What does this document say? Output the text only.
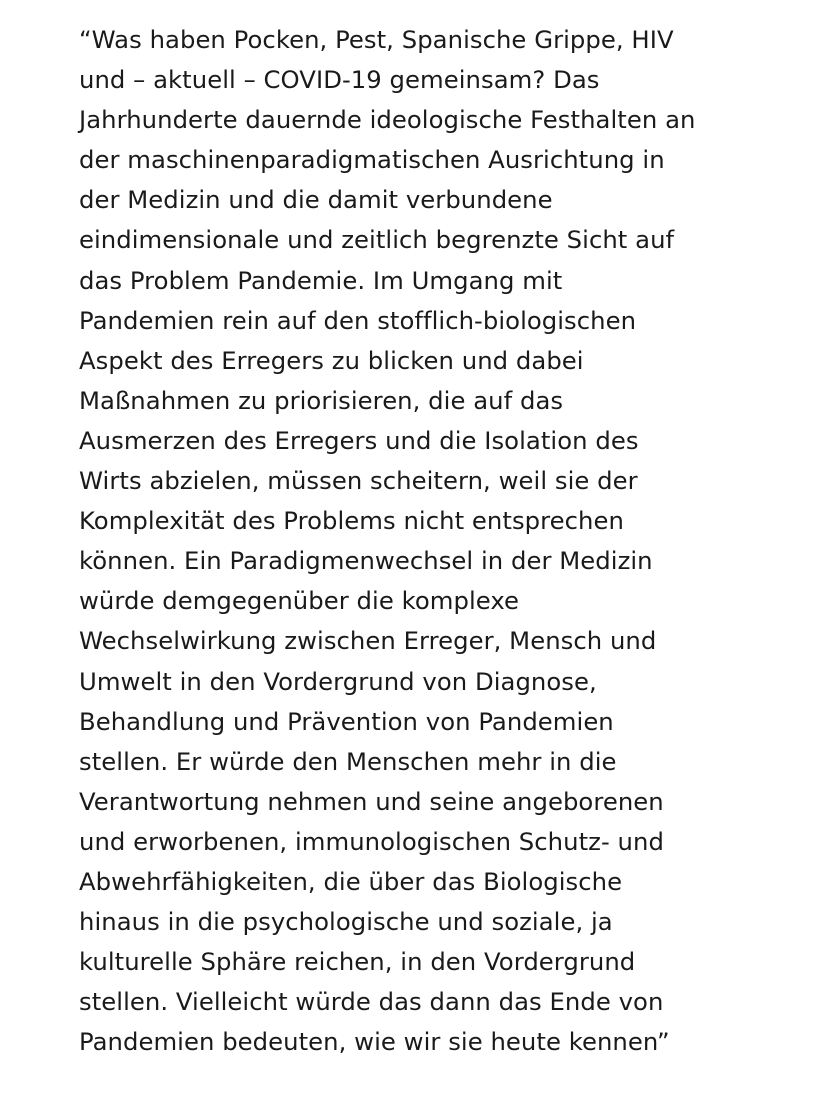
“Was haben Pocken, Pest, Spanische Grippe, HIV
und – aktuell – COVID-19 gemeinsam? Das
Jahrhunderte dauernde ideologische Festhalten an
der maschinenparadigmatischen Ausrichtung in
der Medizin und die damit verbundene
eindimensionale und zeitlich begrenzte Sicht auf
das Problem Pandemie. Im Umgang mit
Pandemien rein auf den stofflich-biologischen
Aspekt des Erregers zu blicken und dabei
Maßnahmen zu priorisieren, die auf das
Ausmerzen des Erregers und die Isolation des
Wirts abzielen, müssen scheitern, weil sie der
Komplexität des Problems nicht entsprechen
können. Ein Paradigmenwechsel in der Medizin
würde demgegenüber die komplexe
Wechselwirkung zwischen Erreger, Mensch und
Umwelt in den Vordergrund von Diagnose,
Behandlung und Prävention von Pandemien
stellen. Er würde den Menschen mehr in die
Verantwortung nehmen und seine angeborenen
und erworbenen, immunologischen Schutz- und
Abwehrfähigkeiten, die über das Biologische
hinaus in die psychologische und soziale, ja
kulturelle Sphäre reichen, in den Vordergrund
stellen. Vielleicht würde das dann das Ende von
Pandemien bedeuten, wie wir sie heute kennen”
